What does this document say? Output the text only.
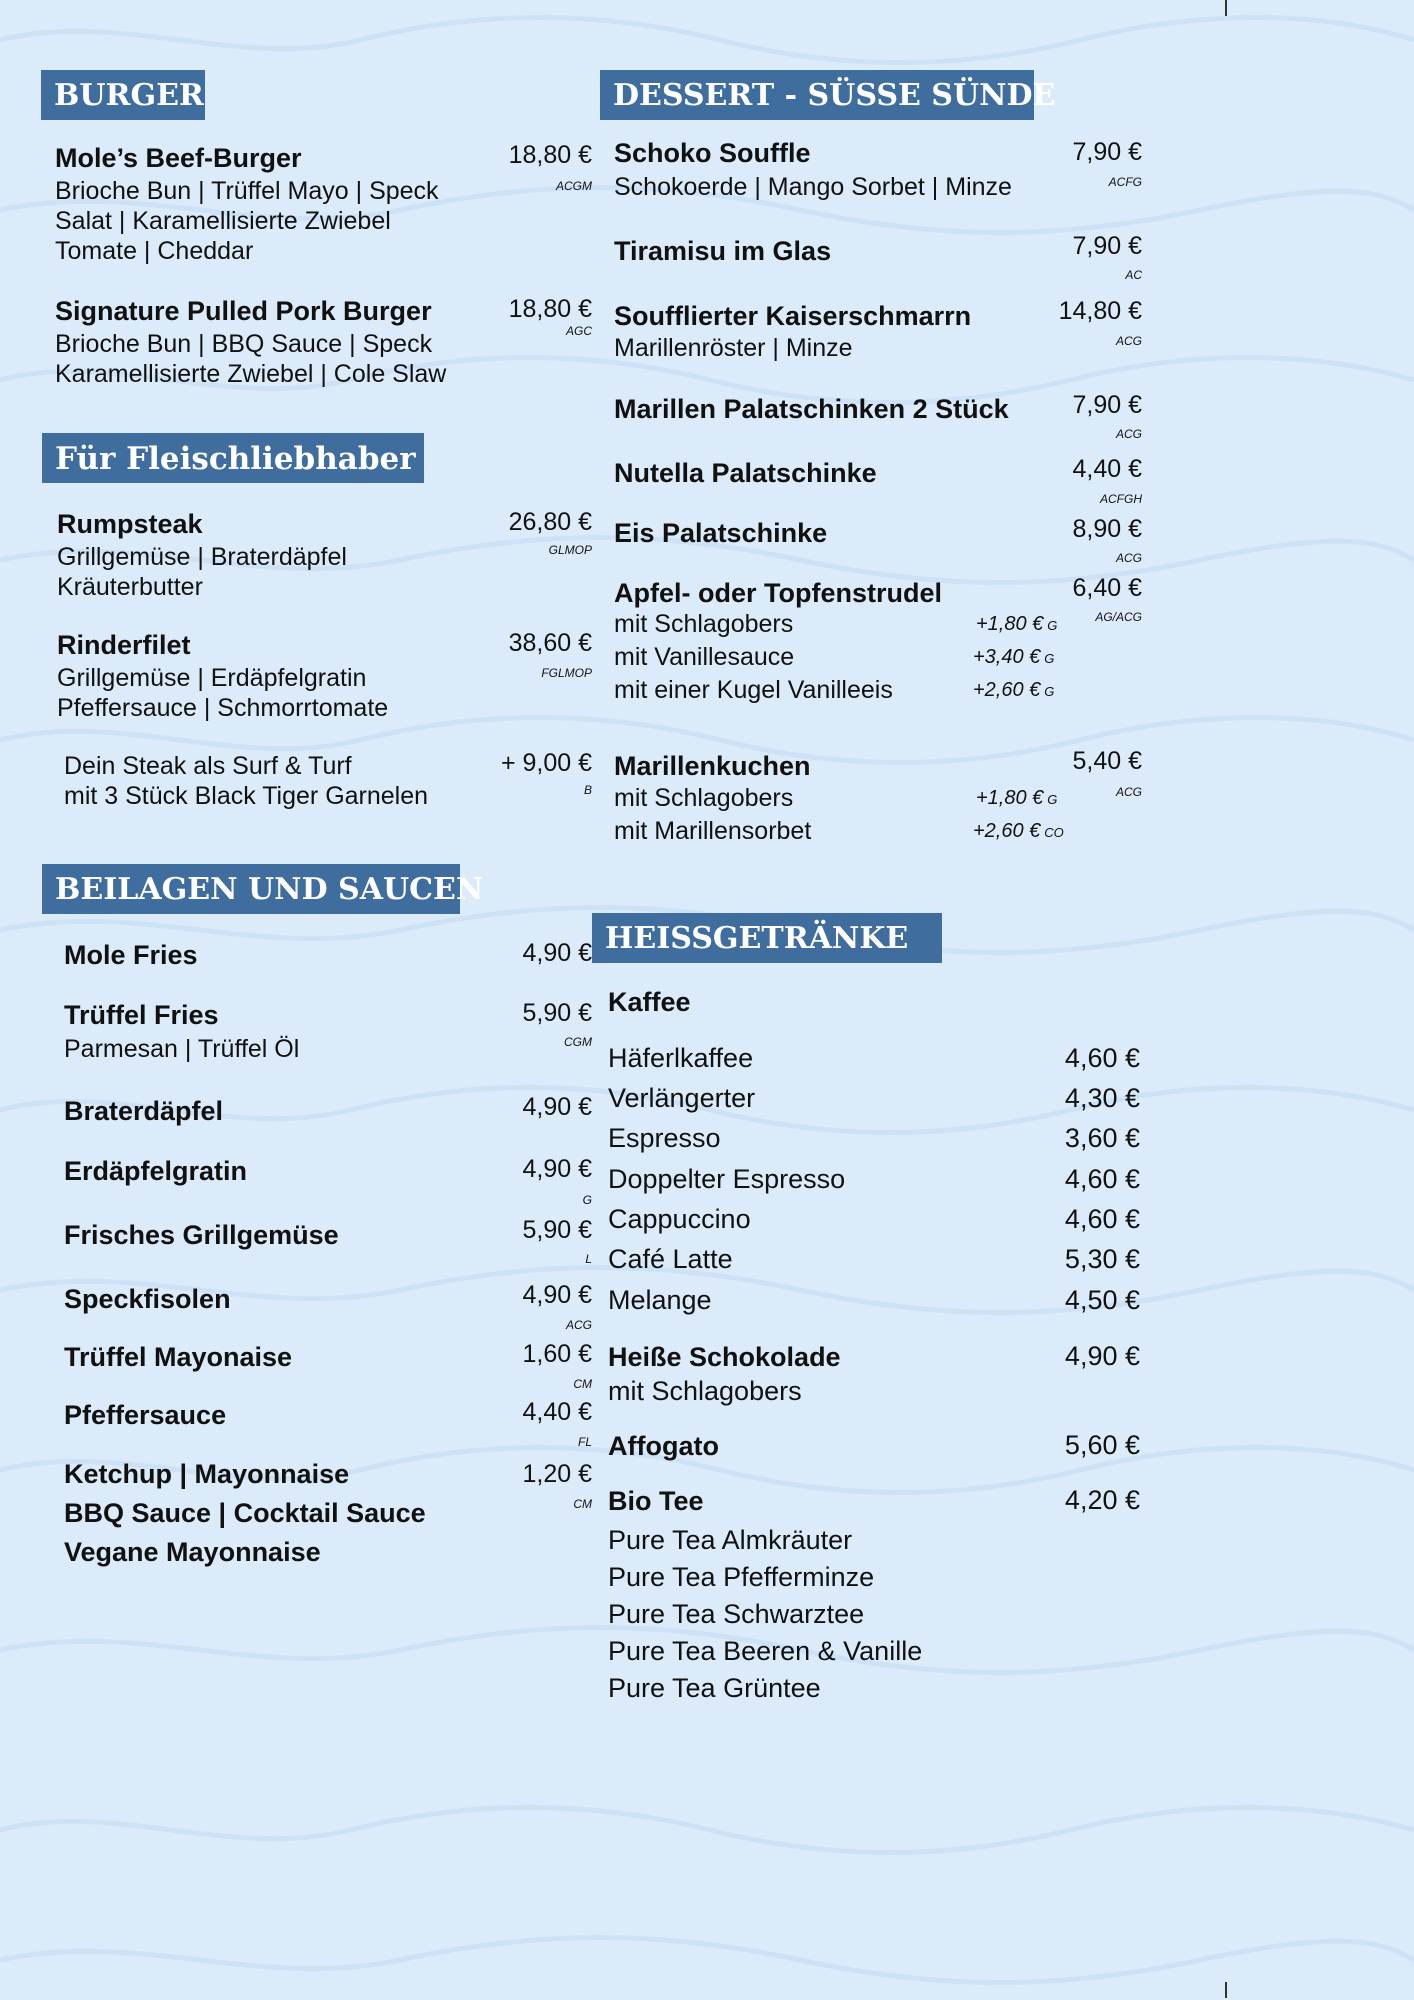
BURGER
Mole’s Beef-Burger	18,80 €
ACGM
Brioche Bun | Trüffel Mayo | Speck
Salat | Karamellisierte Zwiebel
Tomate | Cheddar
Signature Pulled Pork Burger	18,80 €
AGC
Brioche Bun | BBQ Sauce | Speck
Karamellisierte Zwiebel | Cole Slaw
Für Fleischliebhaber
Rumpsteak	26,80 €
GLMOP
Grillgemüse | Braterdäpfel
Kräuterbutter
Rinderfilet	38,60 €
FGLMOP
Grillgemüse | Erdäpfelgratin
Pfeffersauce | Schmorrtomate
Dein Steak als Surf & Turf
mit 3 Stück Black Tiger Garnelen
+ 9,00 €
B
BEILAGEN UND SAUCEN
Mole Fries	4,90 €
Trüffel Fries	5,90 €
CGM
Parmesan | Trüffel Öl
Braterdäpfel	4,90 €
Erdäpfelgratin	4,90 €
G
Frisches Grillgemüse	5,90 €
L
Speckfisolen	4,90 €
ACG
Trüffel Mayonaise	1,60 €
CM
Pfeffersauce	4,40 €
FL
Ketchup | Mayonnaise
BBQ Sauce | Cocktail Sauce
Vegane Mayonnaise
1,20 €
CM
DESSERT - SÜSSE SÜNDE
Schoko Souffle	7,90 €
ACFG
Schokoerde | Mango Sorbet | Minze
Tiramisu im Glas	7,90 €
AC
Soufflierter Kaiserschmarrn	14,80 €
ACG
Marillenröster | Minze
Marillen Palatschinken 2 Stück	7,90 €
ACG
Nutella Palatschinke	4,40 €
ACFGH
Eis Palatschinke	8,90 €
ACG
Apfel- oder Topfenstrudel	6,40 €
AG/ACG
mit Schlagobers	+1,80 € G
mit Vanillesauce	+3,40 € G
mit einer Kugel Vanilleeis	+2,60 € G
Marillenkuchen	5,40 €
ACG
mit Schlagobers	+1,80 € G
mit Marillensorbet	+2,60 € CO
HEISSGETRÄNKE
Kaffee
Häferlkaffee	4,60 €
Verlängerter	4,30 €
Espresso	3,60 €
Doppelter Espresso	4,60 €
Cappuccino	4,60 €
Café Latte	5,30 €
Melange	4,50 €
Heiße Schokolade	4,90 €
mit Schlagobers
Affogato	5,60 €
Bio Tee	4,20 €
Pure Tea Almkräuter
Pure Tea Pfefferminze
Pure Tea Schwarztee
Pure Tea Beeren & Vanille
Pure Tea Grüntee
